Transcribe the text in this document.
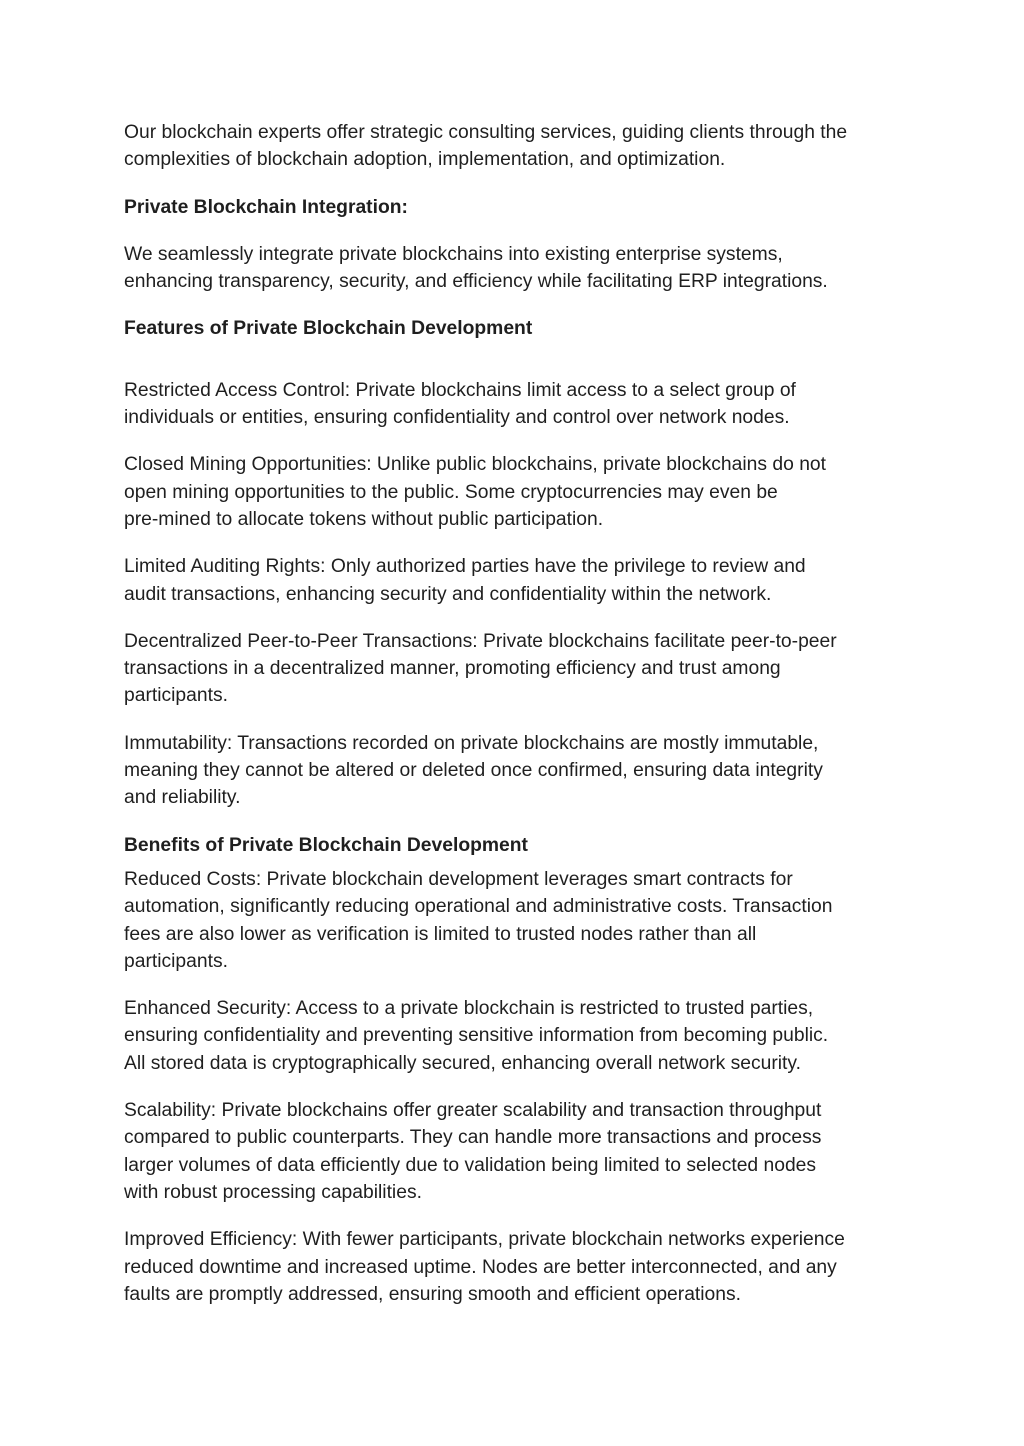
Our blockchain experts offer strategic consulting services, guiding clients through the
complexities of blockchain adoption, implementation, and optimization.

Private Blockchain Integration:

We seamlessly integrate private blockchains into existing enterprise systems,
enhancing transparency, security, and efficiency while facilitating ERP integrations.

Features of Private Blockchain Development

Restricted Access Control: Private blockchains limit access to a select group of
individuals or entities, ensuring confidentiality and control over network nodes.

Closed Mining Opportunities: Unlike public blockchains, private blockchains do not
open mining opportunities to the public. Some cryptocurrencies may even be
pre-mined to allocate tokens without public participation.

Limited Auditing Rights: Only authorized parties have the privilege to review and
audit transactions, enhancing security and confidentiality within the network.

Decentralized Peer-to-Peer Transactions: Private blockchains facilitate peer-to-peer
transactions in a decentralized manner, promoting efficiency and trust among
participants.

Immutability: Transactions recorded on private blockchains are mostly immutable,
meaning they cannot be altered or deleted once confirmed, ensuring data integrity
and reliability.

Benefits of Private Blockchain Development

Reduced Costs: Private blockchain development leverages smart contracts for
automation, significantly reducing operational and administrative costs. Transaction
fees are also lower as verification is limited to trusted nodes rather than all
participants.

Enhanced Security: Access to a private blockchain is restricted to trusted parties,
ensuring confidentiality and preventing sensitive information from becoming public.
All stored data is cryptographically secured, enhancing overall network security.

Scalability: Private blockchains offer greater scalability and transaction throughput
compared to public counterparts. They can handle more transactions and process
larger volumes of data efficiently due to validation being limited to selected nodes
with robust processing capabilities.

Improved Efficiency: With fewer participants, private blockchain networks experience
reduced downtime and increased uptime. Nodes are better interconnected, and any
faults are promptly addressed, ensuring smooth and efficient operations.
